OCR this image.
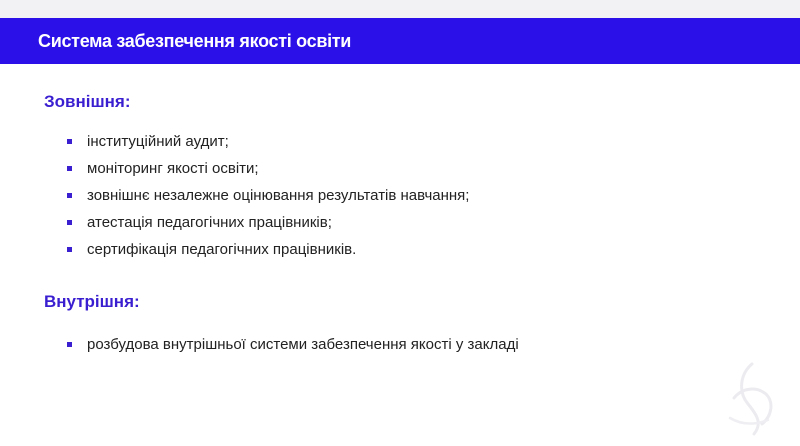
Система забезпечення якості освіти
Зовнішня:
інституційний аудит;
моніторинг якості освіти;
зовнішнє незалежне оцінювання результатів навчання;
атестація педагогічних працівників;
сертифікація педагогічних працівників.
Внутрішня:
розбудова внутрішньої системи забезпечення якості у закладі
